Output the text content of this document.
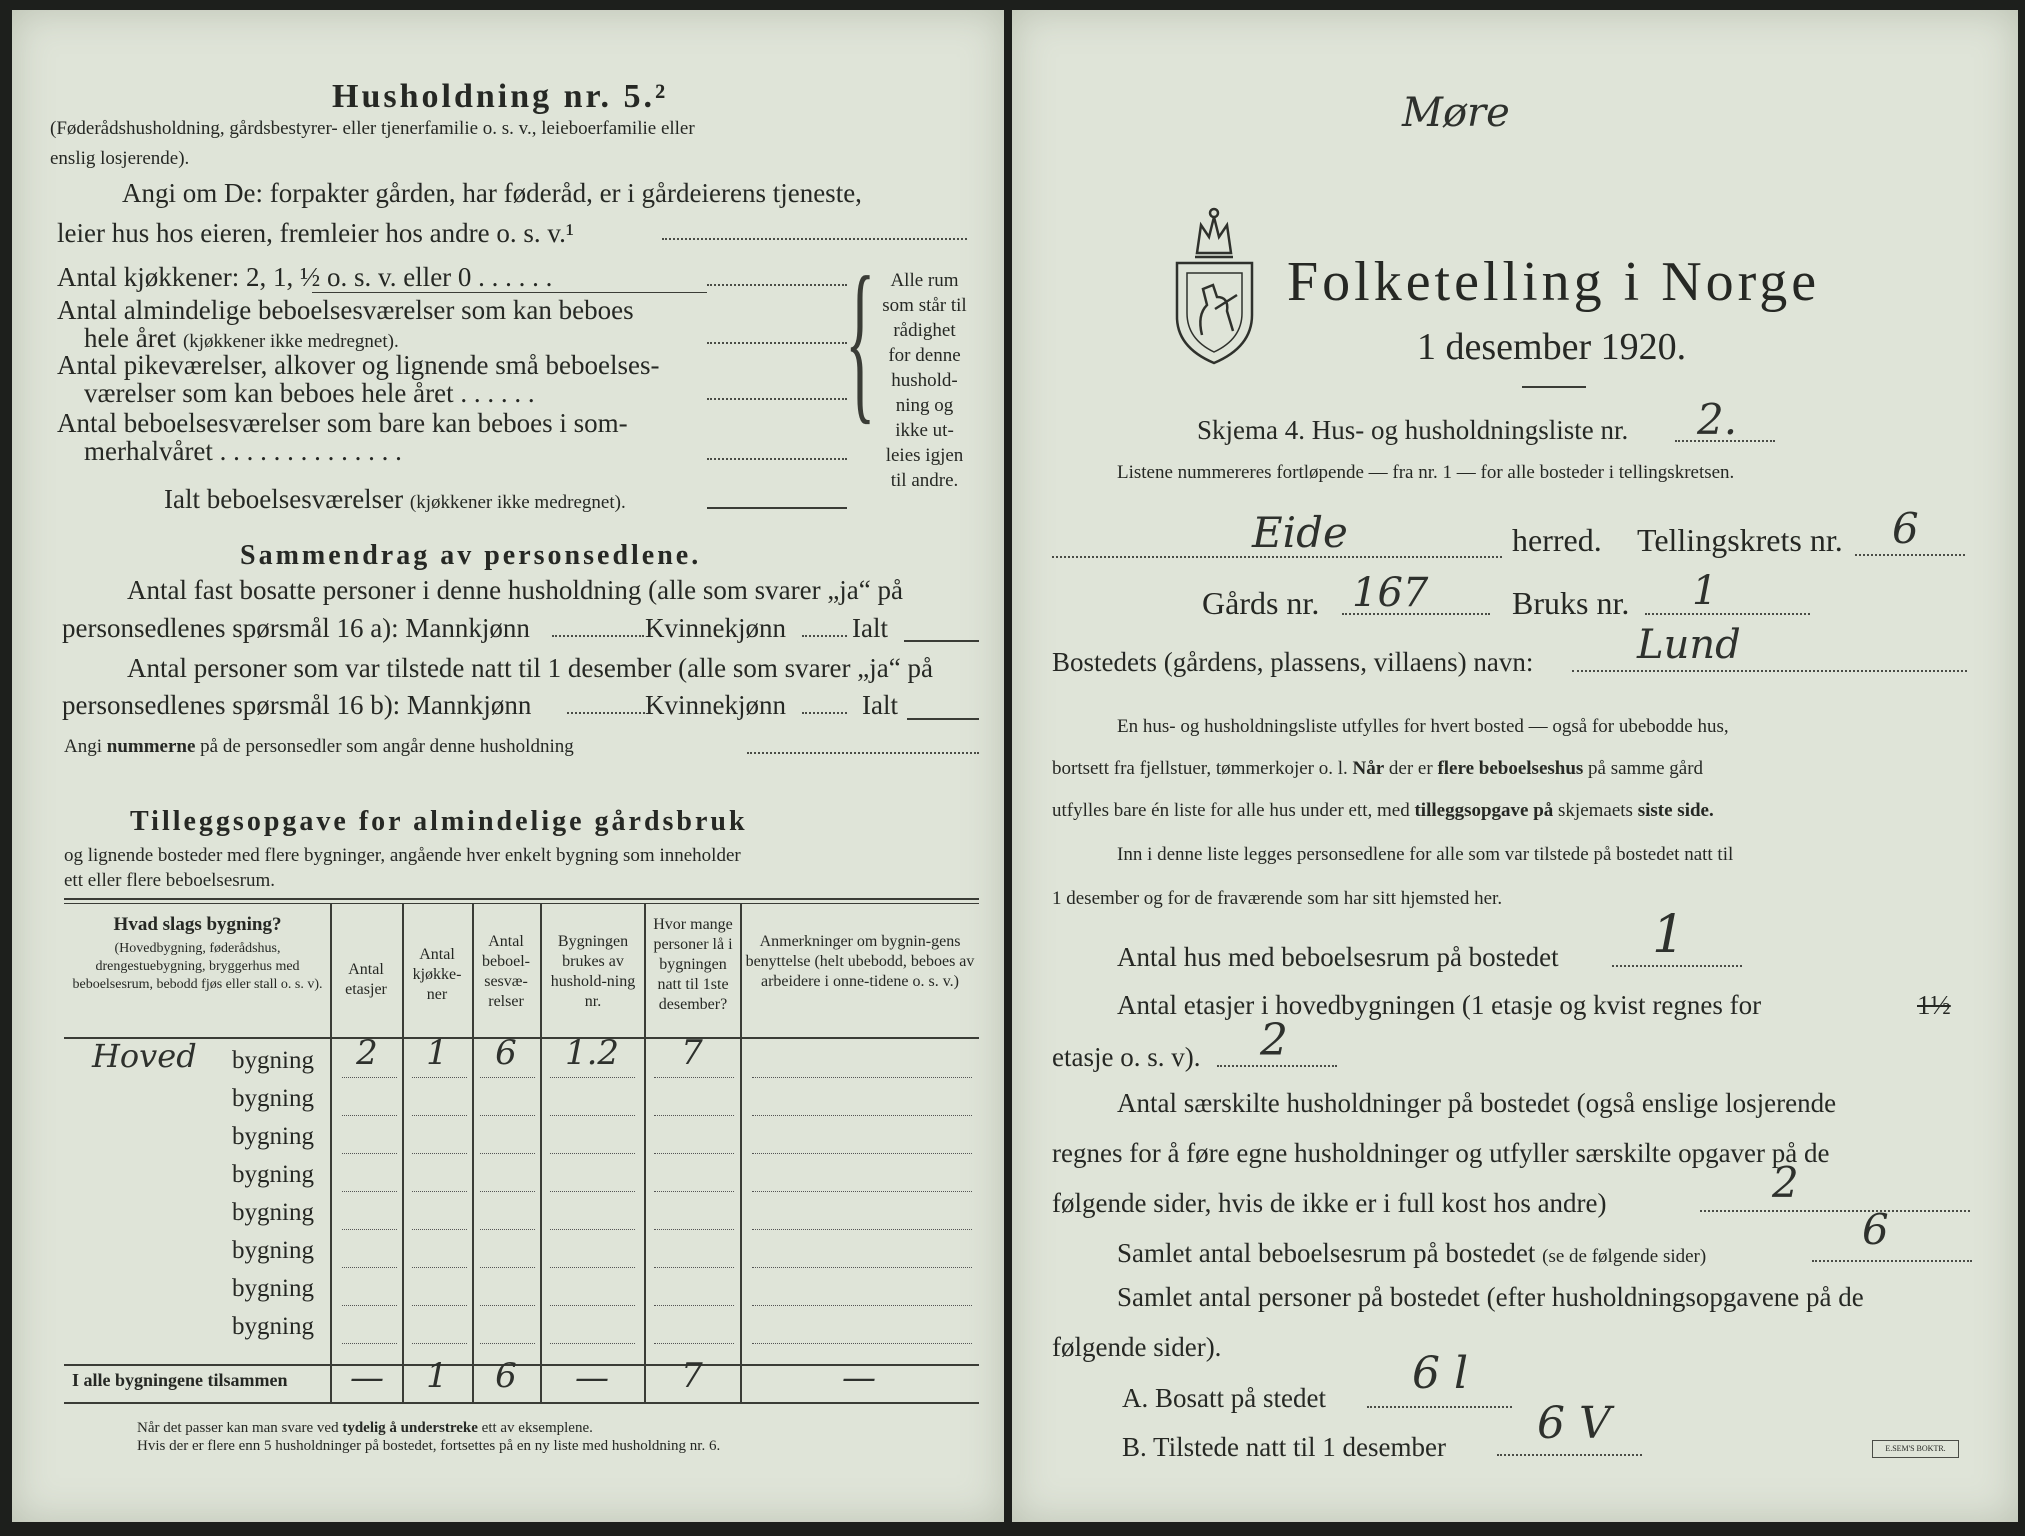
Husholdning nr. 5.²
(Føderådshusholdning, gårdsbestyrer- eller tjenerfamilie o. s. v., leieboerfamilie eller
enslig losjerende).
Angi om De: forpakter gården, har føderåd, er i gårdeierens tjeneste,
leier hus hos eieren, fremleier hos andre o. s. v.¹
Antal kjøkkener: 2, 1, ½ o. s. v. eller 0 . . . . . .
Antal almindelige beboelsesværelser som kan beboes
hele året (kjøkkener ikke medregnet).
Antal pikeværelser, alkover og lignende små beboelses-
værelser som kan beboes hele året . . . . . .
Antal beboelsesværelser som bare kan beboes i som-
merhalvåret . . . . . . . . . . . . . .
Ialt beboelsesværelser (kjøkkener ikke medregnet).
{ Alle rum
som står til
rådighet
for denne
hushold-
ning og
ikke ut-
leies igjen
til andre.
Sammendrag av personsedlene.
Antal fast bosatte personer i denne husholdning (alle som svarer „ja“ på
personsedlenes spørsmål 16 a): Mannkjønn	Kvinnekjønn Ialt
Antal personer som var tilstede natt til 1 desember (alle som svarer „ja“ på
personsedlenes spørsmål 16 b): Mannkjønn	Kvinnekjønn	Ialt
Angi nummerne på de personsedler som angår denne husholdning
Tilleggsopgave for almindelige gårdsbruk
og lignende bosteder med flere bygninger, angående hver enkelt bygning som inneholder
ett eller flere beboelsesrum.
Hvad slags bygning?
(Hovedbygning, føderådshus, drengestuebygning, bryggerhus med beboelsesrum, bebodd fjøs eller stall o. s. v).
Antal etasjer
Antal kjøkke-ner
Antal beboel-sesvæ-relser
Bygningen brukes av hushold-ning nr.
Hvor mange personer lå i bygningen natt til 1ste desember?
Anmerkninger om bygnin-gens benyttelse (helt ubebodd, beboes av arbeidere i onne-tidene o. s. v.)
Hoved bygning	2	1	6	1.2	7
bygning
bygning
bygning
bygning
bygning
bygning
bygning
I alle bygningene tilsammen	—	1	6	—	7	—
Når det passer kan man svare ved tydelig å understreke ett av eksemplene.
Hvis der er flere enn 5 husholdninger på bostedet, fortsettes på en ny liste med husholdning nr. 6.
Møre
Folketelling i Norge
1 desember 1920.
Skjema 4. Hus- og husholdningsliste nr. 2.
Listene nummereres fortløpende — fra nr. 1 — for alle bosteder i tellingskretsen.
Eide	herred. Tellingskrets nr. 6
Gårds nr. 167	Bruks nr. 1
Bostedets (gårdens, plassens, villaens) navn:	Lund
En hus- og husholdningsliste utfylles for hvert bosted — også for ubebodde hus,
bortsett fra fjellstuer, tømmerkojer o. l. Når der er flere beboelseshus på samme gård
utfylles bare én liste for alle hus under ett, med tilleggsopgave på skjemaets siste side.
Inn i denne liste legges personsedlene for alle som var tilstede på bostedet natt til
1 desember og for de fraværende som har sitt hjemsted her.
Antal hus med beboelsesrum på bostedet 1
Antal etasjer i hovedbygningen (1 etasje og kvist regnes for	1½
etasje o. s. v). 2
Antal særskilte husholdninger på bostedet (også enslige losjerende
regnes for å føre egne husholdninger og utfyller særskilte opgaver på de
følgende sider, hvis de ikke er i full kost hos andre)	2
Samlet antal beboelsesrum på bostedet (se de følgende sider)
6
Samlet antal personer på bostedet (efter husholdningsopgavene på de
følgende sider).
A. Bosatt på stedet 6 l
B. Tilstede natt til 1 desember 6 V	E.SEM'S BOKTR.
